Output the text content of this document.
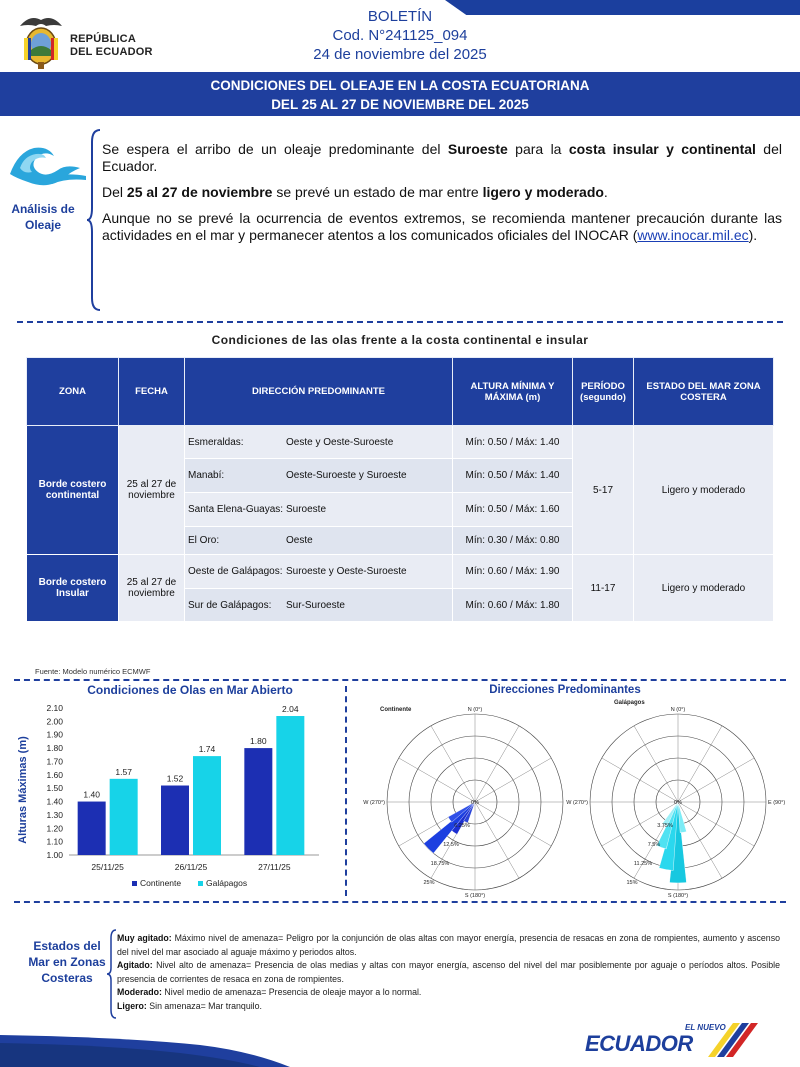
REPÚBLICA
DEL ECUADOR
BOLETÍN
Cod. N°241125_094
24 de noviembre del 2025
CONDICIONES DEL OLEAJE EN LA COSTA ECUATORIANA
DEL 25 AL 27 DE NOVIEMBRE DEL 2025
Análisis de Oleaje

Se espera el arribo de un oleaje predominante del Suroeste para la costa insular y continental del Ecuador.

Del 25 al 27 de noviembre se prevé un estado de mar entre ligero y moderado.

Aunque no se prevé la ocurrencia de eventos extremos, se recomienda mantener precaución durante las actividades en el mar y permanecer atentos a los comunicados oficiales del INOCAR (www.inocar.mil.ec).

Condiciones de las olas frente a la costa continental e insular
ZONA	FECHA	DIRECCIÓN PREDOMINANTE	ALTURA MÍNIMA Y MÁXIMA (m)	PERÍODO (segundo)	ESTADO DEL MAR ZONA COSTERA
Borde costero continental	25 al 27 de noviembre	Esmeraldas: Oeste y Oeste-Suroeste	Mín: 0.50 / Máx: 1.40	5-17	Ligero y moderado
		Manabí: Oeste-Suroeste y Suroeste	Mín: 0.50 / Máx: 1.40		
		Santa Elena-Guayas: Suroeste	Mín: 0.50 / Máx: 1.60		
		El Oro: Oeste	Mín: 0.30 / Máx: 0.80		
Borde costero Insular	25 al 27 de noviembre	Oeste de Galápagos: Suroeste y Oeste-Suroeste	Mín: 0.60 / Máx: 1.90	11-17	Ligero y moderado
		Sur de Galápagos: Sur-Suroeste	Mín: 0.60 / Máx: 1.80		
Fuente: Modelo numérico ECMWF
Condiciones de Olas en Mar Abierto
1.00
1.10
1.20
1.30
1.40
1.50
1.60
1.70
1.80
1.90
2.00
2.10
1.40
1.57
1.52
1.74
1.80
2.04
25/11/25	26/11/25	27/11/25
Continente	Galápagos
Alturas Máximas (m)
Direcciones Predominantes
Continente
Galápagos
N (0°)
S (180°)
W (270°)	0%
6.25%
12.5%
18.75%
25%
N (0°)
S (180°)
W (270°)	E (90°)
0%
3.75%
7.5%
11.25%
15%
Estados del Mar en Zonas Costeras
Muy agitado: Máximo nivel de amenaza= Peligro por la conjunción de olas altas con mayor energía, presencia de resacas en zona de rompientes, aumento y ascenso del nivel del mar asociado al aguaje máximo y periodos altos.
Agitado: Nivel alto de amenaza= Presencia de olas medias y altas con mayor energía, ascenso del nivel del mar posiblemente por aguaje o períodos altos. Posible presencia de corrientes de resaca en zona de rompientes.
Moderado: Nivel medio de amenaza= Presencia de oleaje mayor a lo normal.
Ligero: Sin amenaza= Mar tranquilo.
EL NUEVO
ECUADOR
